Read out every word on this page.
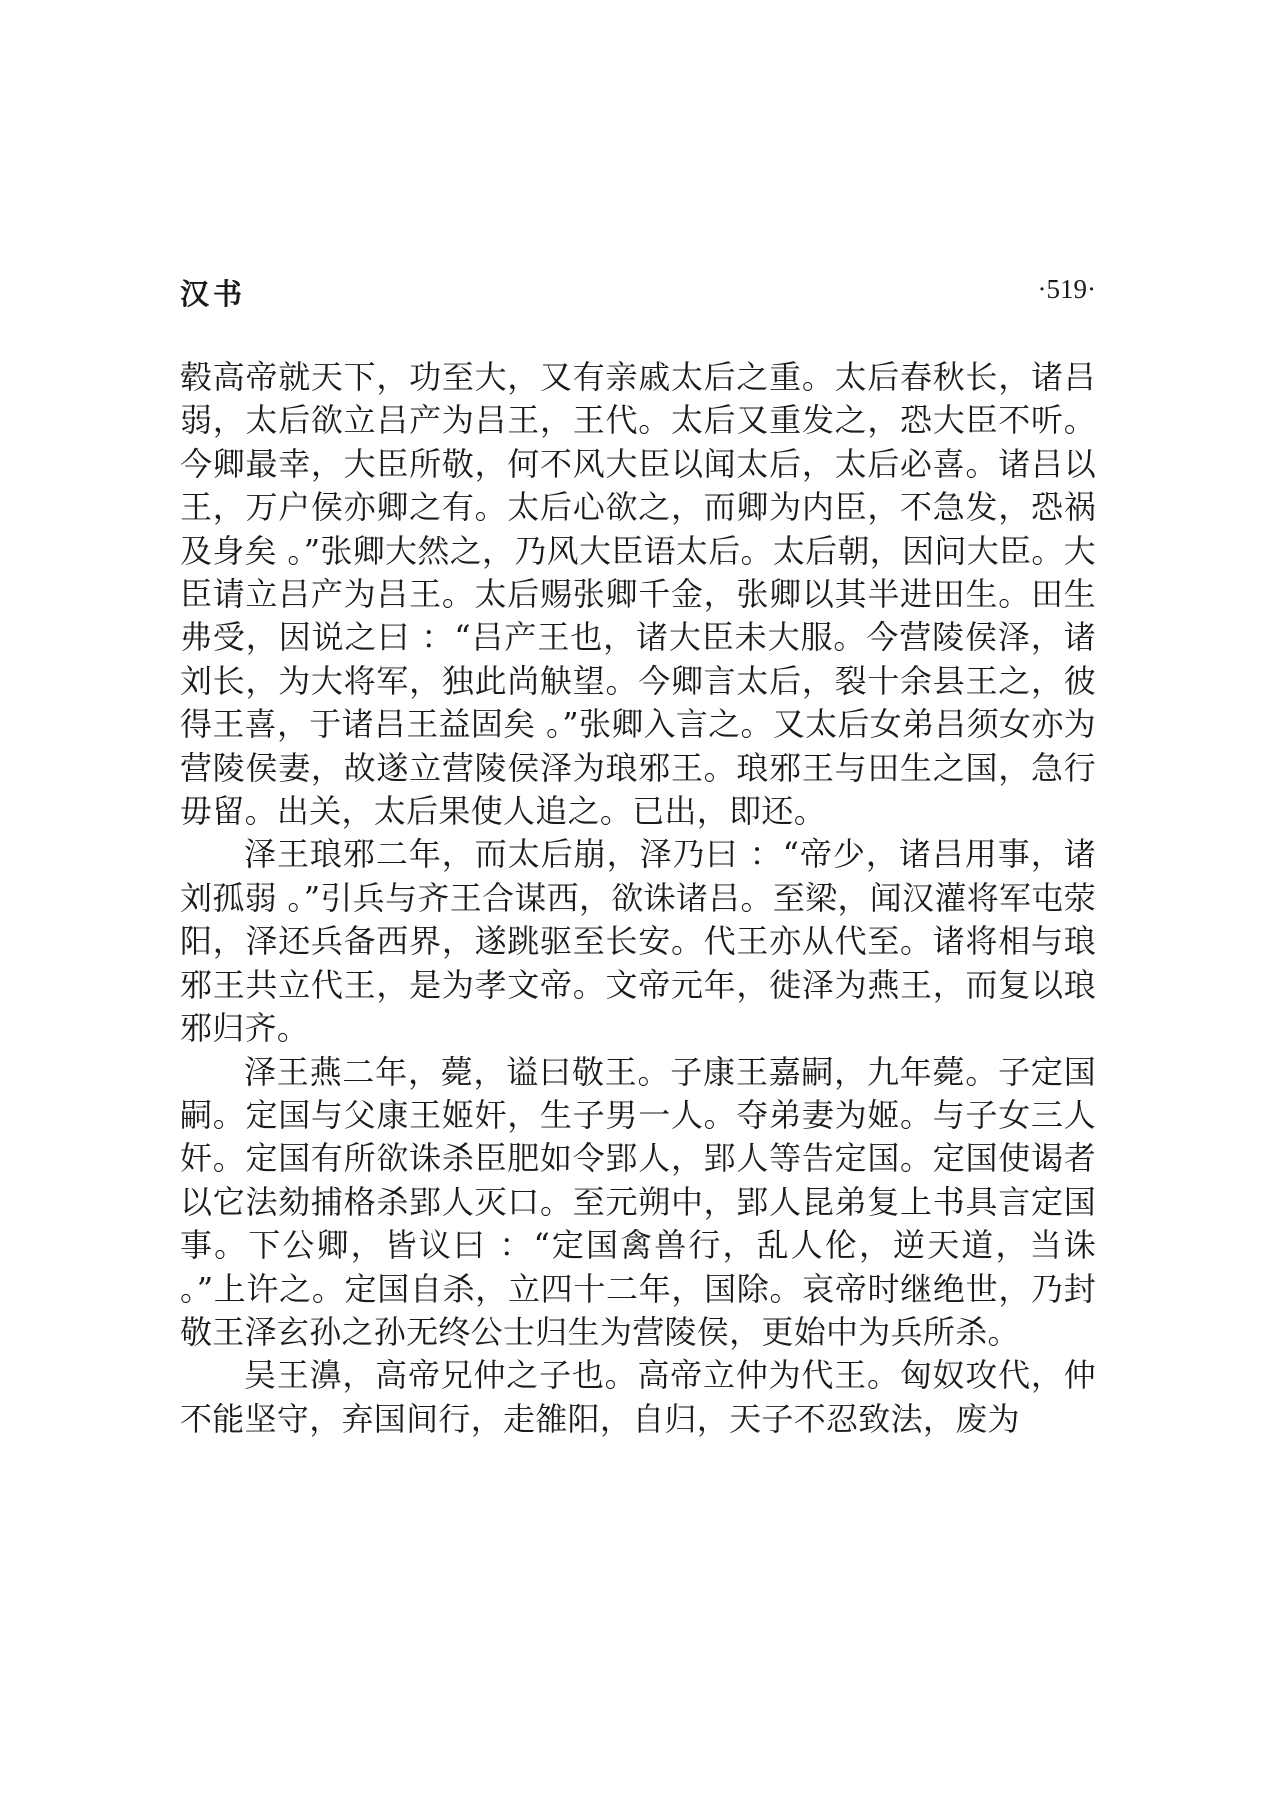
汉书	·519·

毂高帝就天下，功至大，又有亲戚太后之重。太后春秋长，诸吕弱，太后欲立吕产为吕王，王代。太后又重发之，恐大臣不听。今卿最幸，大臣所敬，何不风大臣以闻太后，太后必喜。诸吕以王，万户侯亦卿之有。太后心欲之，而卿为内臣，不急发，恐祸及身矣 。”张卿大然之，乃风大臣语太后。太后朝，因问大臣。大臣请立吕产为吕王。太后赐张卿千金，张卿以其半进田生。田生弗受，因说之曰 ：“吕产王也，诸大臣未大服。今营陵侯泽，诸刘长，为大将军，独此尚觖望。今卿言太后，裂十余县王之，彼得王喜，于诸吕王益固矣 。”张卿入言之。又太后女弟吕须女亦为营陵侯妻，故遂立营陵侯泽为琅邪王。琅邪王与田生之国，急行毋留。出关，太后果使人追之。已出，即还。

泽王琅邪二年，而太后崩，泽乃曰 ：“帝少，诸吕用事，诸刘孤弱 。”引兵与齐王合谋西，欲诛诸吕。至梁，闻汉灌将军屯荥阳，泽还兵备西界，遂跳驱至长安。代王亦从代至。诸将相与琅邪王共立代王，是为孝文帝。文帝元年，徙泽为燕王，而复以琅邪归齐。

泽王燕二年，薨，谥曰敬王。子康王嘉嗣，九年薨。子定国嗣。定国与父康王姬奸，生子男一人。夺弟妻为姬。与子女三人奸。定国有所欲诛杀臣肥如令郢人，郢人等告定国。定国使谒者以它法劾捕格杀郢人灭口。至元朔中，郢人昆弟复上书具言定国事。下公卿，皆议曰 ：“定国禽兽行，乱人伦，逆天道，当诛 。”上许之。定国自杀，立四十二年，国除。哀帝时继绝世，乃封敬王泽玄孙之孙无终公士归生为营陵侯，更始中为兵所杀。

吴王濞，高帝兄仲之子也。高帝立仲为代王。匈奴攻代，仲不能坚守，弃国间行，走雒阳，自归，天子不忍致法，废为
